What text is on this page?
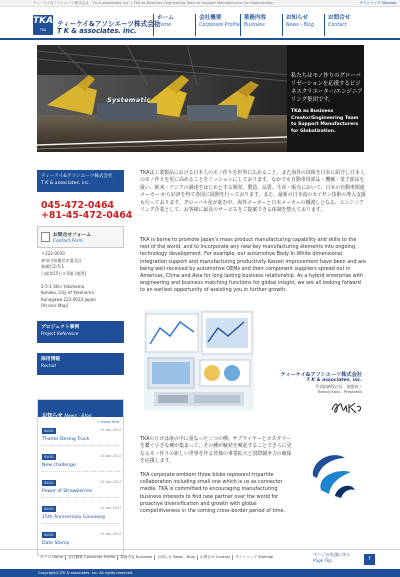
ティーケイ&アソシエーツ株式会社　TK & associates, inc. | TKA as Business Engineering Team to Support Manufacturers for Globalization	サイトマップ Sitemap
TKA
TKA
ティーケイ&アソシエーツ株式会社
T K & associates. inc.
ホーム
Home
会社概要
Corporate Profile
業務内容
Business
お知らせ
News - Blog
お問合せ
Contact
Systematic
私たちはモノ作りのグローバリゼーションを応援するビジネスクリエーター/エンジニアリング集団です。
TKA as Business Creator/Engineering Team to Support Manufacturers for Globalization.
ティーケイ&アソシエーツ株式会社
T K & associates. inc.
045-472-0464
+81-45-472-0464
お問合せフォーム
Contact Form
〒222-0033
神奈川県横浜市港北区
新横浜2-5-1
日総第15ビル5階 [地図]

2-5-1 Shin Yokohama
Kohoku, City of Yokohama
Kanagawa 222-0033 Japan
[Access Map]
プロジェクト事例
Project Reference
採用情報
Recruit
お知らせ News - Blog
» more info
BLOG	10-Apr-2017
Thanks Desing Truck
BLOG	10-Apr-2017
New challenge
BLOG	10-Apr-2017
Power of Strawberries
BLOG	10-Apr-2017
15th Anniversary Giveaway
BLOG	10-Apr-2017
Date Stamp
TKAは工業製品における日本人のモノ作りを世界に広めること、また海外の技術を日本に紹介し日本人のモノ作りを更に高めることをミッションにしております。なかでも自動車用部品・機械・電子部品を扱い、欧米・アジアの調達をはじめとする開発、製造、品質、生産・販売において、日本の自動車関連メーカー から好評を得て各国に展開を行っております。また、最新の日本流のカイゼン技術の導入支援も行っております。グローバル化が進む中、海外メーカーと日本メーカーの橋渡しとなる、エンジニアリング企業として、お客様に最良のサービスをご提案できる体制を整えております。
TKA is borne to promote Japan's mass product manufacturing capability and skills to the rest of the world, and to incorporate any new key manufacturing elements into ongoing technology development. For example, our automotive Body In White dimensional integration support and manufacturing productivity Kaizen improvement have been and are being well-received by automotive OEMs and their component suppliers spread out in Americas, China and Asia for long lasting business relationship. As a hybrid enterprise with engineering and business matching functions for global insight, we are all looking forward to an earliest opportunity of assisting you in further growth.
ティーケイ&アソシエーツ株式会社
T K & associates. inc.
代表取締役社長　加藤知三
Tomoji Kato - President
TKAのロゴは歯の中に重なった三つの種、サプライヤーとカスタマーを繋ぐ小さな種が集まって、その種が触発を喚起することでさらに更なるモノ作りの新しい世界を作る皆様の事業拡大と国際競争力の確保を応援します。
TKA corporate emblem three blobs represent tripartite collaboration including small one which is us as connector media. TKA is committed to encouraging manufacturing business interests to find new partner over the world for proactive diversification and growth with global competitiveness in the coming cross-border period of time.
ホーム Home	会社概要 Corporate Profile	業務内容 Business	お知らせ News - Blog	お問合せ Contact	サイトマップ Sitemap	ページの先頭に戻る
Page Top	↑
Copyright(C)TK & associates. Inc. All rights reserved.
